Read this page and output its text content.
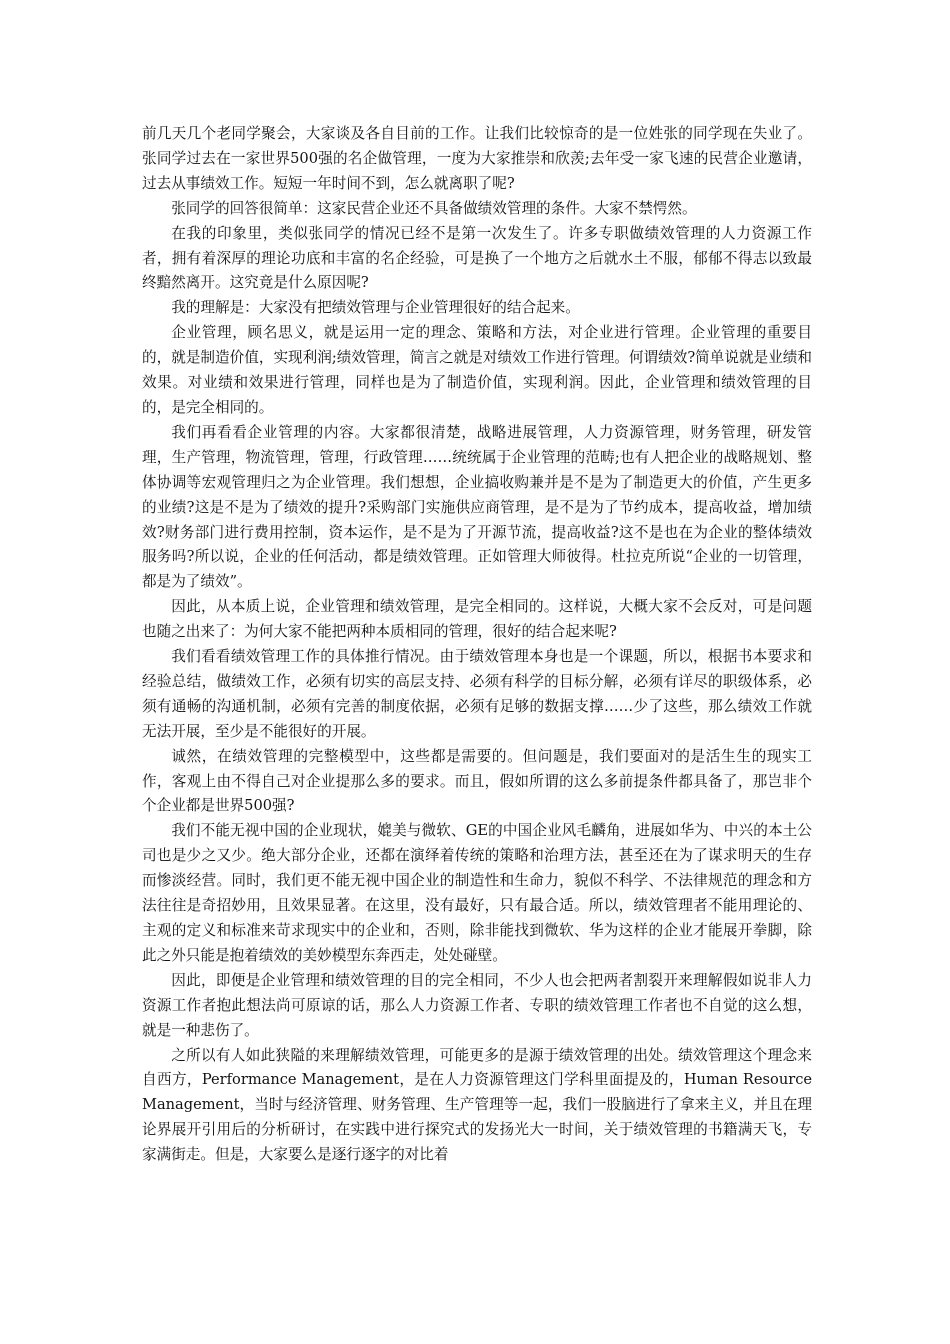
前几天几个老同学聚会，大家谈及各自目前的工作。让我们比较惊奇的是一位姓张的同学现在失业了。张同学过去在一家世界500强的名企做管理，一度为大家推崇和欣羡;去年受一家飞速的民营企业邀请，过去从事绩效工作。短短一年时间不到，怎么就离职了呢?

张同学的回答很简单：这家民营企业还不具备做绩效管理的条件。大家不禁愕然。

在我的印象里，类似张同学的情况已经不是第一次发生了。许多专职做绩效管理的人力资源工作者，拥有着深厚的理论功底和丰富的名企经验，可是换了一个地方之后就水土不服，郁郁不得志以致最终黯然离开。这究竟是什么原因呢?

我的理解是：大家没有把绩效管理与企业管理很好的结合起来。

企业管理，顾名思义，就是运用一定的理念、策略和方法，对企业进行管理。企业管理的重要目的，就是制造价值，实现利润;绩效管理，简言之就是对绩效工作进行管理。何谓绩效?简单说就是业绩和效果。对业绩和效果进行管理，同样也是为了制造价值，实现利润。因此，企业管理和绩效管理的目的，是完全相同的。

我们再看看企业管理的内容。大家都很清楚，战略进展管理，人力资源管理，财务管理，研发管理，生产管理，物流管理，管理，行政管理……统统属于企业管理的范畴;也有人把企业的战略规划、整体协调等宏观管理归之为企业管理。我们想想，企业搞收购兼并是不是为了制造更大的价值，产生更多的业绩?这是不是为了绩效的提升?采购部门实施供应商管理，是不是为了节约成本，提高收益，增加绩效?财务部门进行费用控制，资本运作，是不是为了开源节流，提高收益?这不是也在为企业的整体绩效服务吗?所以说，企业的任何活动，都是绩效管理。正如管理大师彼得。杜拉克所说“企业的一切管理，都是为了绩效”。

因此，从本质上说，企业管理和绩效管理，是完全相同的。这样说，大概大家不会反对，可是问题也随之出来了：为何大家不能把两种本质相同的管理，很好的结合起来呢?

我们看看绩效管理工作的具体推行情况。由于绩效管理本身也是一个课题，所以，根据书本要求和经验总结，做绩效工作，必须有切实的高层支持、必须有科学的目标分解，必须有详尽的职级体系，必须有通畅的沟通机制，必须有完善的制度依据，必须有足够的数据支撑……少了这些，那么绩效工作就无法开展，至少是不能很好的开展。

诚然，在绩效管理的完整模型中，这些都是需要的。但问题是，我们要面对的是活生生的现实工作，客观上由不得自己对企业提那么多的要求。而且，假如所谓的这么多前提条件都具备了，那岂非个个企业都是世界500强?

我们不能无视中国的企业现状，媲美与微软、GE的中国企业风毛麟角，进展如华为、中兴的本土公司也是少之又少。绝大部分企业，还都在演绎着传统的策略和治理方法，甚至还在为了谋求明天的生存而惨淡经营。同时，我们更不能无视中国企业的制造性和生命力，貌似不科学、不法律规范的理念和方法往往是奇招妙用，且效果显著。在这里，没有最好，只有最合适。所以，绩效管理者不能用理论的、主观的定义和标准来苛求现实中的企业和，否则，除非能找到微软、华为这样的企业才能展开拳脚，除此之外只能是抱着绩效的美妙模型东奔西走，处处碰壁。

因此，即便是企业管理和绩效管理的目的完全相同，不少人也会把两者割裂开来理解假如说非人力资源工作者抱此想法尚可原谅的话，那么人力资源工作者、专职的绩效管理工作者也不自觉的这么想，就是一种悲伤了。

之所以有人如此狭隘的来理解绩效管理，可能更多的是源于绩效管理的出处。绩效管理这个理念来自西方，Performance Management，是在人力资源管理这门学科里面提及的，Human Resource Management，当时与经济管理、财务管理、生产管理等一起，我们一股脑进行了拿来主义，并且在理论界展开引用后的分析研讨，在实践中进行探究式的发扬光大一时间，关于绩效管理的书籍满天飞，专家满街走。但是，大家要么是逐行逐字的对比着
